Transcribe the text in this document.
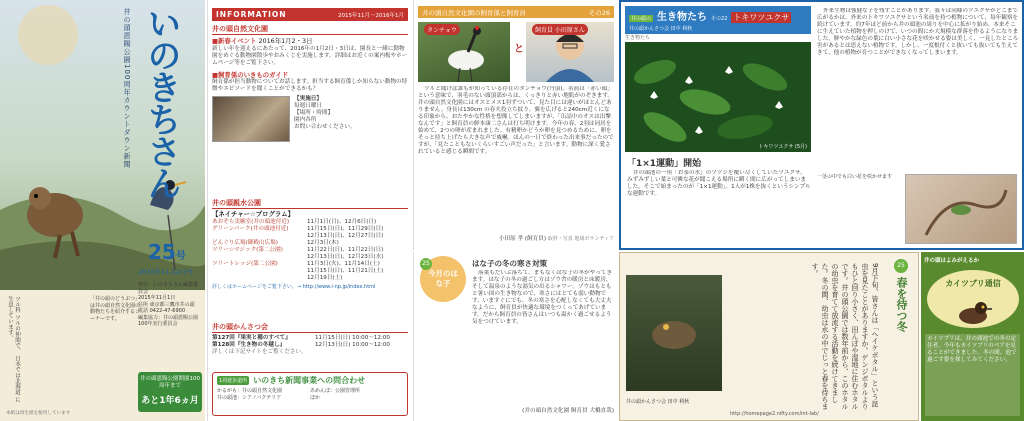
井の頭恩賜公園100周年カウントダウン新聞 いのきちさん
25号
2015年11-12月号
ツル科 ツルの仲間で、 日本では北海道 に生息しています。	「井の頭のどうぶつ」は井の頭自然文化園の動物たちを紹介するコーナーです。
発行：いのきちさん編集委員会
2015年11月1日
住所 東京都三鷹市井の頭
電話 0422-47-6900
編集協力：井の頭恩賜公園100年実行委員会
井の頭恩賜公園開園100周年まで
あと1年6ヵ月
本紙は再生紙を使用しています
INFORMATION	2015年11月〜2016年1月
井の頭自然文化園
■新春イベント 2016年1月2・3日
新しい年を迎えるにあたって、2016年の1月2日・3日は、園長と一緒に動物園をめぐる動物園散歩やおみくじを実施します。詳細はお近くの案内板やホームページ等をご覧下さい。
■飼育係のいきものガイド
飼育係が担当動物についてお話します。担当する飼育係しか知らない動物の特徴やエピソードを聞くことができるかも？
【実施日】
毎週日曜日
【場所・時間】
園内各所
お問い合わせください。
井の頭親水公園
【ネイチャー☆プログラム】
あおぞら実験室(井の頭池付近)	11月1日(日)、12月6日(日)
グリーンパーク(井の頭池付近)	11月15日(日)、11月29日(日)
12月13日(日)、12月27日(日)
どんぐり広場(御殿山広場)	12月3日(木)
ツリー☆マジック(第二公園)	11月22日(日)、11月22日(日)
12月13日(日)、12月23日(水)
ツリートレッジ(第二公園)	11月3日(火)、11月14日(土)
11月15日(日)、11月21日(土)
12月19日(土)
詳しくはホームページをご覧下さい。→ http://www.i-np.jp/index.html
井の頭かんさつ会
第127回『果実と種のすべて』	11月15日(日) 10:00〜12:00
第128回『生き物の冬越し』	12月13日(日) 10:00〜12:00
詳しくは下記サイトをご覧ください。
1周遊歩道所 いのきち新聞事業への問合わせ
かるがも：井の頭自然文化園	あめんぼ：公園管理所
井の頭池：シアノバクテリア	ほか
井の頭自然文化園の飼育係と飼育員	その26
タンチョウ
と
飼育員 小田原さん
ツルと聞けば誰もが知っている存在のタンチョウ(丹頂)。名前は「赤い頭」という意味で、羽毛のない頭頂部からは、くっきりと赤い地肌がのぞきます。井の頭自然文化園にはオスとメス1羽ずついて、見た目には違いがほとんどありません。身長は130cm の春夫役立ち紋り、翼を広げると240cm近くになる印象から、おたやかな性格を想像してしまいますが、「缶詰中のオスは出撃なんです」と飼育員の鮮本康二さんは打ち明けます。今年の春、2羽は同居を始めて、2つの卵が産まれました。有精卵かどうか卵を見つめるために、卵をそっと持ち上げたら大きな声で威嚇。ほんの一日で終わった出来事だったのですが、「見たこともないくらいすごい声だった」と言います。動物に深く愛されていると感じる瞬間です。
小田原 孝 (飼育員) 取材・写真 地域ボランティア
今月のはな子
25	はな子の冬の寒さ対策
落葉もだいぶ落ちて、まもなくはな子の冬がやってきます。はな子の冬の過ごし方はゾウ舎の暖房と床暖房、そして温泉のような湯気の出るシャワー。ゾウはもともと暑い国の生き物なので、寒さにはとても弱い動物です。いますぐにでも、冬の寒さを心配しなくても大丈夫なように、飼育員が快適な環境をつくってあげています。だから飼育員の皆さんはいつも温かく過ごせるよう気をつけています。
(井の頭自然文化園 飼育員 大橋直哉)
井の頭の 生き物たち その22 トキワツユクサ
井の頭かんさつ会 田中 利秋
生き物たち
トキワツユクサ (5月)
「1×1運動」開始
井の頭池の一角「お茶の水」のツツジを覆い尽くしていたツユクサ。みずみずしい葉と可憐な花が聞こえる場所に瞬く間に広がってしまいました。そこで始まったのが「1×1運動」。1人が1株を抜くというシンプルな運動です。
外来生物は強健な子を残すことがあります。我々は同様のツユクサがどこまで広がるかは、外来のトキワツユクサという名前を持つ植物について、毎年観察を続けています。約7年ほど前から井の頭池の周りを中心に拡がり始め、本来そこに生えていた植物を押しのけて、いつの間にか大規模な群落を作るようになりました。鮮やかな緑色の葉に白い小さな花を咲かせる姿は美しく、一見したところ害があるとは思えない植物です。しかし、一度根付くと抜いても抜いても生えてきて、他の植物が育つことができなくなってしまいます。
一茎の中でも白い花を咲かせます
9月下旬、皆さんは「ヘイケボタル」という昆虫を見たことがありますか。ゲンジボタルよりもひと回り小さく、田んぼや湿地に住むホタルです。井の頭公園では数年前から、このホタルの幼虫を育てて放流する活動を続けてきました。冬の間、幼虫は水の中でじっと春を待ちます。	25
春を待つ冬
井の頭かんさつ会 田中 利秋
http://homepage2.nifty.com/int-lab/
井の頭はよみがえるか
カイツブリ通信
カイツブリは、井の頭池での冬の定住者。今年もカイツブリのペアを見ることができました。冬の間、池で過ごす姿を探してみてください。
